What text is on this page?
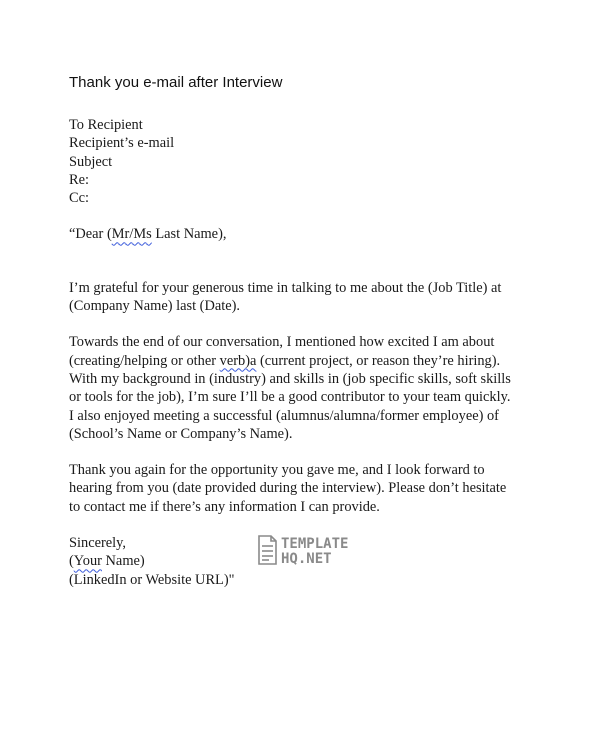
Thank you e-mail after Interview
To Recipient
Recipient’s e-mail
Subject
Re:
Cc:
“Dear (Mr/Ms Last Name),
I’m grateful for your generous time in talking to me about the (Job Title) at
(Company Name) last (Date).
Towards the end of our conversation, I mentioned how excited I am about
(creating/helping or other verb)a (current project, or reason they’re hiring).
With my background in (industry) and skills in (job specific skills, soft skills
or tools for the job), I’m sure I’ll be a good contributor to your team quickly.
I also enjoyed meeting a successful (alumnus/alumna/former employee) of
(School’s Name or Company’s Name).
Thank you again for the opportunity you gave me, and I look forward to
hearing from you (date provided during the interview). Please don’t hesitate
to contact me if there’s any information I can provide.
Sincerely,
(Your Name)
(LinkedIn or Website URL)"
TEMPLATE
HQ.NET
